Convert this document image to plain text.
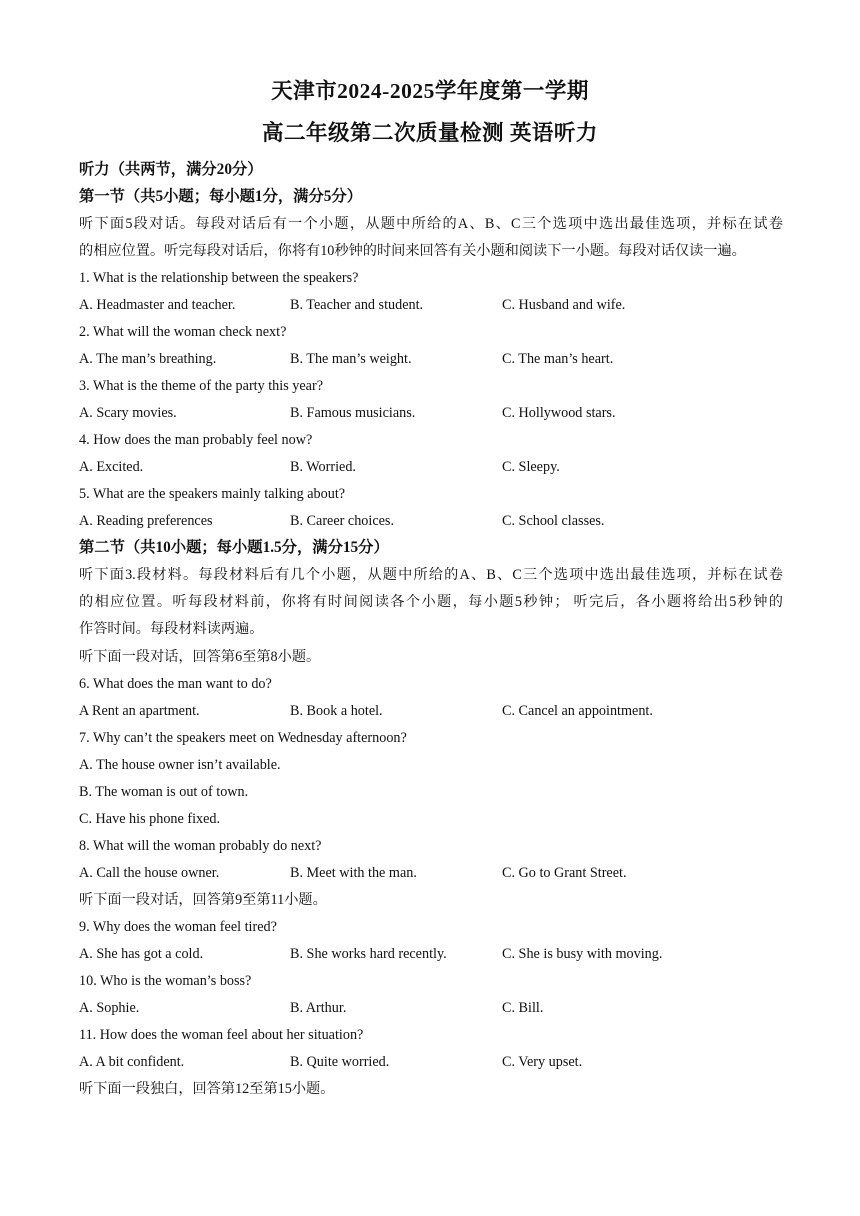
天津市2024-2025学年度第一学期
高二年级第二次质量检测 英语听力
听力（共两节，满分20分）
第一节（共5小题；每小题1分，满分5分）
听下面5段对话。每段对话后有一个小题，从题中所给的A、B、C三个选项中选出最佳选项，并标在试卷
的相应位置。听完每段对话后，你将有10秒钟的时间来回答有关小题和阅读下一小题。每段对话仅读一遍。
1. What is the relationship between the speakers?
A. Headmaster and teacher.	B. Teacher and student.	C. Husband and wife.
2. What will the woman check next?
A. The man’s breathing.	B. The man’s weight.	C. The man’s heart.
3. What is the theme of the party this year?
A. Scary movies.	B. Famous musicians.	C. Hollywood stars.
4. How does the man probably feel now?
A. Excited.	B. Worried.	C. Sleepy.
5. What are the speakers mainly talking about?
A. Reading preferences	B. Career choices.	C. School classes.
第二节（共10小题；每小题1.5分，满分15分）
听下面3.段材料。每段材料后有几个小题，从题中所给的A、B、C三个选项中选出最佳选项，并标在试卷
的相应位置。听每段材料前，你将有时间阅读各个小题，每小题5秒钟； 听完后，各小题将给出5秒钟的
作答时间。每段材料读两遍。
听下面一段对话，回答第6至第8小题。
6. What does the man want to do?
A Rent an apartment.	B. Book a hotel.	C. Cancel an appointment.
7. Why can’t the speakers meet on Wednesday afternoon?
A. The house owner isn’t available.
B. The woman is out of town.
C. Have his phone fixed.
8. What will the woman probably do next?
A. Call the house owner.	B. Meet with the man.	C. Go to Grant Street.
听下面一段对话，回答第9至第11小题。
9. Why does the woman feel tired?
A. She has got a cold.	B. She works hard recently.	C. She is busy with moving.
10. Who is the woman’s boss?
A. Sophie.	B. Arthur.	C. Bill.
11. How does the woman feel about her situation?
A. A bit confident.	B. Quite worried.	C. Very upset.
听下面一段独白，回答第12至第15小题。
